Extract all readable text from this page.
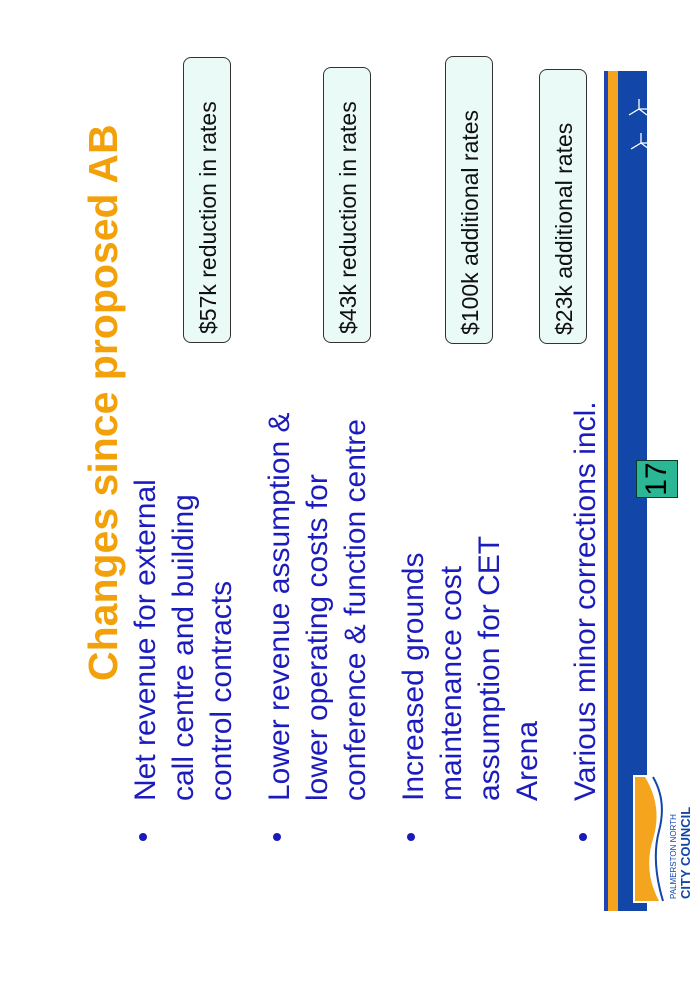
Changes since proposed AB Net revenue for external call centre and building control contracts Lower revenue assumption & lower operating costs for conference & function centre Increased grounds maintenance cost assumption for CET Arena Various minor corrections incl.
$57k reduction in rates	$43k reduction in rates	$100k additional rates	$23k additional rates
17
PALMERSTON NORTH CITY COUNCIL
Manawatu Young Heart Easy Living
